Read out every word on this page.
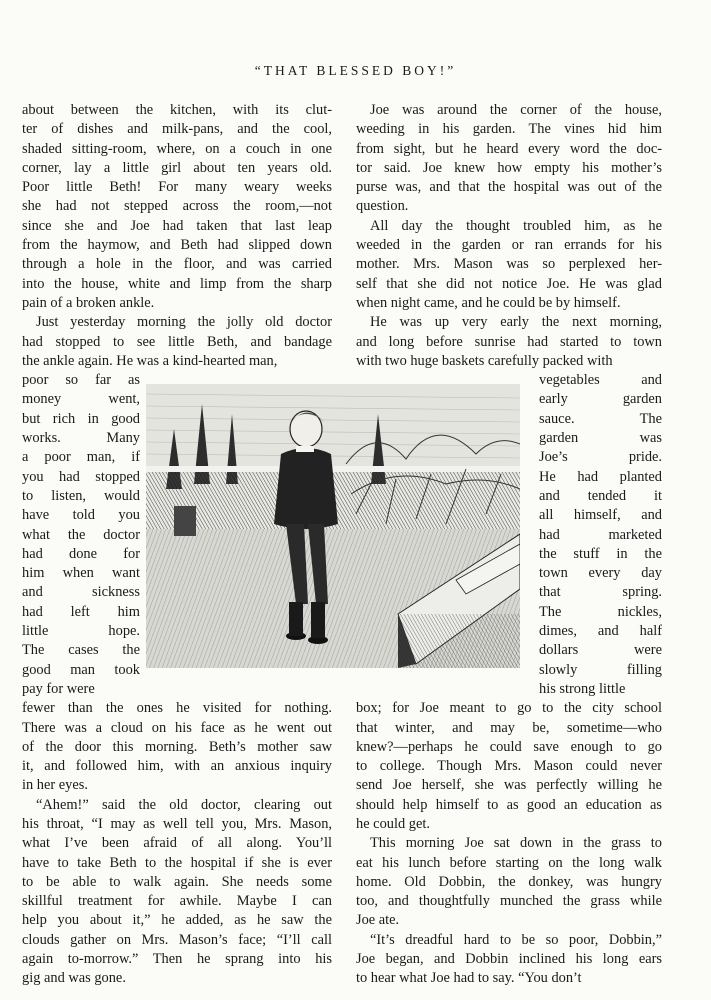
“THAT BLESSED BOY!”
about between the kitchen, with its clut-
ter of dishes and milk-pans, and the cool,
shaded sitting-room, where, on a couch in one
corner, lay a little girl about ten years old.
Poor little Beth! For many weary weeks
she had not stepped across the room,—not
since she and Joe had taken that last leap
from the haymow, and Beth had slipped down
through a hole in the floor, and was carried
into the house, white and limp from the sharp
pain of a broken ankle.
Just yesterday morning the jolly old doctor
had stopped to see little Beth, and bandage
the ankle again. He was a kind-hearted man,
poor so far as
money went,
but rich in good
works. Many
a poor man, if
you had stopped
to listen, would
have told you
what the doctor
had done for
him when want
and sickness
had left him
little hope.
The cases the
good man took
pay for were
fewer than the ones he visited for nothing.
There was a cloud on his face as he went out
of the door this morning. Beth’s mother saw
it, and followed him, with an anxious inquiry
in her eyes.
“Ahem!” said the old doctor, clearing out
his throat, “I may as well tell you, Mrs. Mason,
what I’ve been afraid of all along. You’ll
have to take Beth to the hospital if she is ever
to be able to walk again. She needs some
skillful treatment for awhile. Maybe I can
help you about it,” he added, as he saw the
clouds gather on Mrs. Mason’s face; “I’ll call
again to-morrow.” Then he sprang into his
gig and was gone.
Joe was around the corner of the house,
weeding in his garden. The vines hid him
from sight, but he heard every word the doc-
tor said. Joe knew how empty his mother’s
purse was, and that the hospital was out of the
question.
All day the thought troubled him, as he
weeded in the garden or ran errands for his
mother. Mrs. Mason was so perplexed her-
self that she did not notice Joe. He was glad
when night came, and he could be by himself.
He was up very early the next morning,
and long before sunrise had started to town
with two huge baskets carefully packed with
vegetables and
early garden
sauce. The
garden was
Joe’s pride.
He had planted
and tended it
all himself, and
had marketed
the stuff in the
town every day
that spring.
The nickles,
dimes, and half
dollars were
slowly filling
his strong little
box; for Joe meant to go to the city school
that winter, and may be, sometime—who
knew?—perhaps he could save enough to go
to college. Though Mrs. Mason could never
send Joe herself, she was perfectly willing he
should help himself to as good an education as
he could get.
This morning Joe sat down in the grass to
eat his lunch before starting on the long walk
home. Old Dobbin, the donkey, was hungry
too, and thoughtfully munched the grass while
Joe ate.
“It’s dreadful hard to be so poor, Dobbin,”
Joe began, and Dobbin inclined his long ears
to hear what Joe had to say. “You don’t
